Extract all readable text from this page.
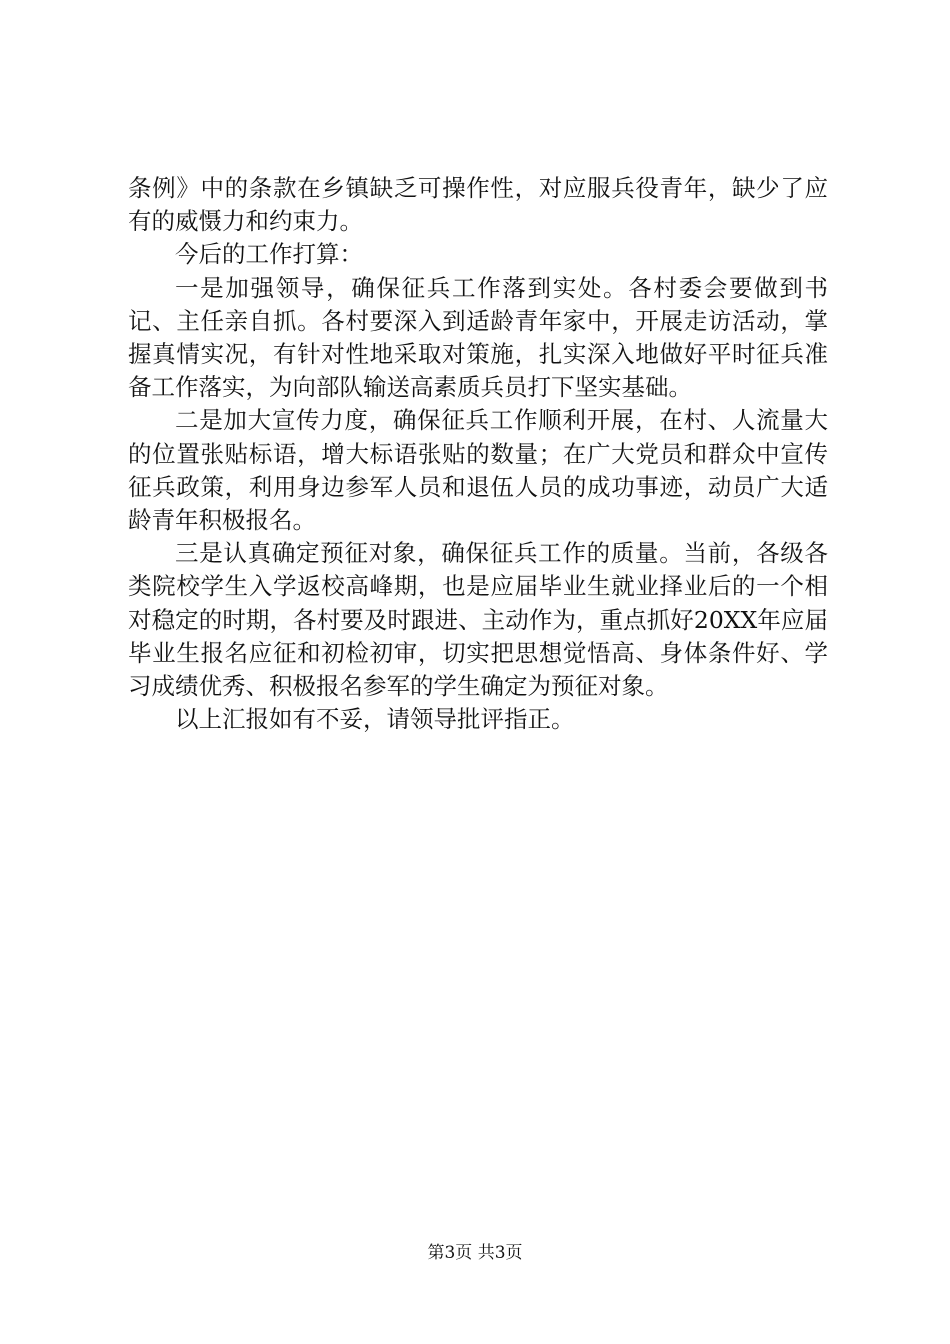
条例》中的条款在乡镇缺乏可操作性，对应服兵役青年，缺少了应有的威慑力和约束力。

今后的工作打算：

一是加强领导，确保征兵工作落到实处。各村委会要做到书记、主任亲自抓。各村要深入到适龄青年家中，开展走访活动，掌握真情实况，有针对性地采取对策施，扎实深入地做好平时征兵准备工作落实，为向部队输送高素质兵员打下坚实基础。

二是加大宣传力度，确保征兵工作顺利开展，在村、人流量大的位置张贴标语，增大标语张贴的数量；在广大党员和群众中宣传征兵政策，利用身边参军人员和退伍人员的成功事迹，动员广大适龄青年积极报名。

三是认真确定预征对象，确保征兵工作的质量。当前，各级各类院校学生入学返校高峰期，也是应届毕业生就业择业后的一个相对稳定的时期，各村要及时跟进、主动作为，重点抓好20XX年应届毕业生报名应征和初检初审，切实把思想觉悟高、身体条件好、学习成绩优秀、积极报名参军的学生确定为预征对象。

以上汇报如有不妥，请领导批评指正。

第3页 共3页
